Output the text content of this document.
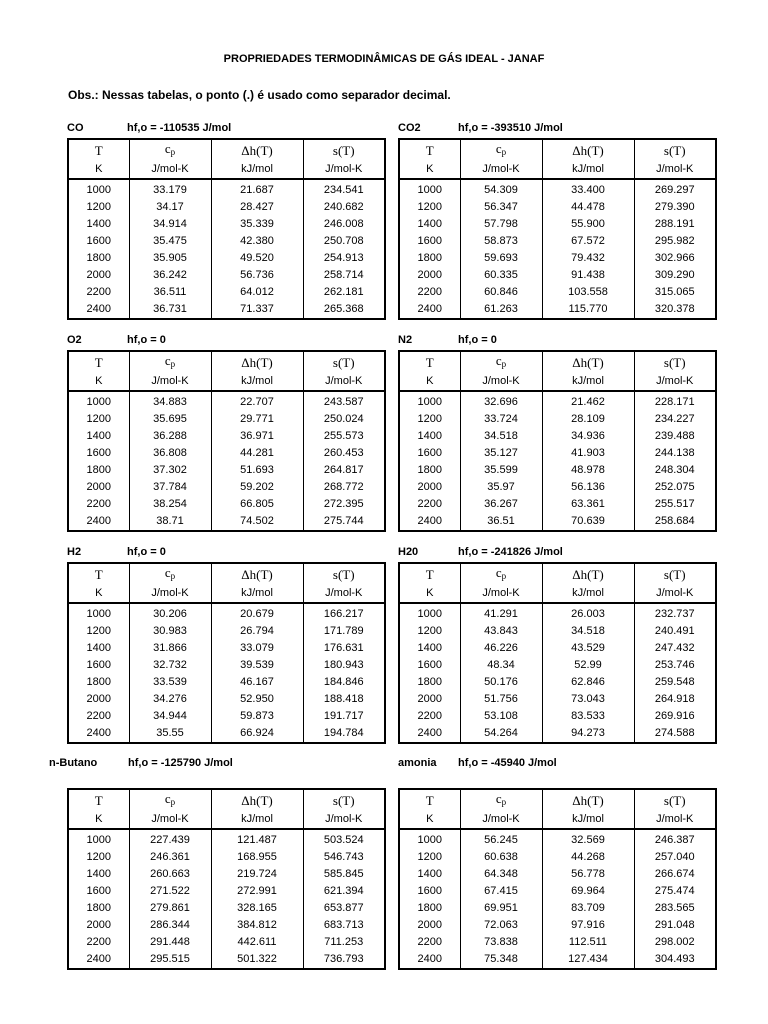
PROPRIEDADES TERMODINÂMICAS DE GÁS IDEAL - JANAF
Obs.: Nessas tabelas, o ponto (.) é usado como separador decimal.
CO	hf,o = -110535 J/mol
T	cp	Δh(T)	s(T)
K	J/mol-K	kJ/mol	J/mol-K
1000	33.179	21.687	234.541
1200	34.17	28.427	240.682
1400	34.914	35.339	246.008
1600	35.475	42.380	250.708
1800	35.905	49.520	254.913
2000	36.242	56.736	258.714
2200	36.511	64.012	262.181
2400	36.731	71.337	265.368
CO2	hf,o = -393510 J/mol
T	cp	Δh(T)	s(T)
K	J/mol-K	kJ/mol	J/mol-K
1000	54.309	33.400	269.297
1200	56.347	44.478	279.390
1400	57.798	55.900	288.191
1600	58.873	67.572	295.982
1800	59.693	79.432	302.966
2000	60.335	91.438	309.290
2200	60.846	103.558	315.065
2400	61.263	115.770	320.378
O2	hf,o = 0
T	cp	Δh(T)	s(T)
K	J/mol-K	kJ/mol	J/mol-K
1000	34.883	22.707	243.587
1200	35.695	29.771	250.024
1400	36.288	36.971	255.573
1600	36.808	44.281	260.453
1800	37.302	51.693	264.817
2000	37.784	59.202	268.772
2200	38.254	66.805	272.395
2400	38.71	74.502	275.744
N2	hf,o = 0
T	cp	Δh(T)	s(T)
K	J/mol-K	kJ/mol	J/mol-K
1000	32.696	21.462	228.171
1200	33.724	28.109	234.227
1400	34.518	34.936	239.488
1600	35.127	41.903	244.138
1800	35.599	48.978	248.304
2000	35.97	56.136	252.075
2200	36.267	63.361	255.517
2400	36.51	70.639	258.684
H2	hf,o = 0
T	cp	Δh(T)	s(T)
K	J/mol-K	kJ/mol	J/mol-K
1000	30.206	20.679	166.217
1200	30.983	26.794	171.789
1400	31.866	33.079	176.631
1600	32.732	39.539	180.943
1800	33.539	46.167	184.846
2000	34.276	52.950	188.418
2200	34.944	59.873	191.717
2400	35.55	66.924	194.784
H20	hf,o = -241826 J/mol
T	cp	Δh(T)	s(T)
K	J/mol-K	kJ/mol	J/mol-K
1000	41.291	26.003	232.737
1200	43.843	34.518	240.491
1400	46.226	43.529	247.432
1600	48.34	52.99	253.746
1800	50.176	62.846	259.548
2000	51.756	73.043	264.918
2200	53.108	83.533	269.916
2400	54.264	94.273	274.588
n-Butano	hf,o = -125790 J/mol
T	cp	Δh(T)	s(T)
K	J/mol-K	kJ/mol	J/mol-K
1000	227.439	121.487	503.524
1200	246.361	168.955	546.743
1400	260.663	219.724	585.845
1600	271.522	272.991	621.394
1800	279.861	328.165	653.877
2000	286.344	384.812	683.713
2200	291.448	442.611	711.253
2400	295.515	501.322	736.793
amonia hf,o = -45940 J/mol
T	cp	Δh(T)	s(T)
K	J/mol-K	kJ/mol	J/mol-K
1000	56.245	32.569	246.387
1200	60.638	44.268	257.040
1400	64.348	56.778	266.674
1600	67.415	69.964	275.474
1800	69.951	83.709	283.565
2000	72.063	97.916	291.048
2200	73.838	112.511	298.002
2400	75.348	127.434	304.493
